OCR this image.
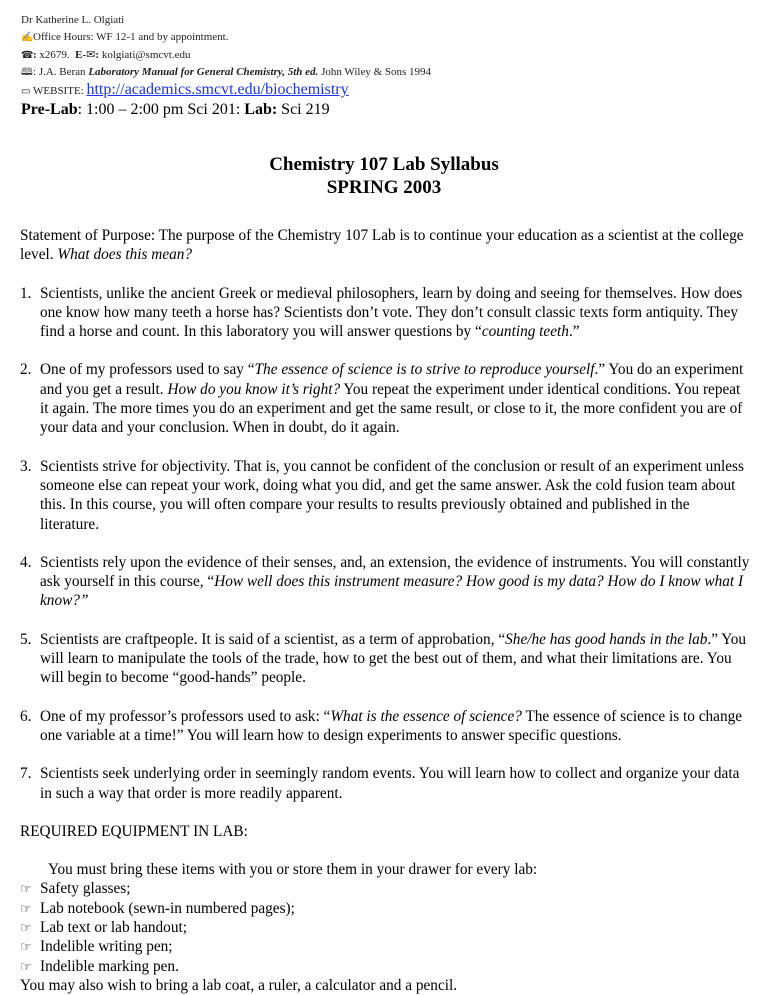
Dr Katherine L. Olgiati
✍Office Hours: WF 12-1 and by appointment.
☎: x2679. E-✉: kolgiati@smcvt.edu
🕮: J.A. Beran Laboratory Manual for General Chemistry, 5th ed. John Wiley & Sons 1994
▭ WEBSITE: http://academics.smcvt.edu/biochemistry
Pre-Lab: 1:00 – 2:00 pm Sci 201: Lab: Sci 219
Chemistry 107 Lab Syllabus
SPRING 2003

Statement of Purpose: The purpose of the Chemistry 107 Lab is to continue your education as a scientist at the college level. What does this mean?

1. Scientists, unlike the ancient Greek or medieval philosophers, learn by doing and seeing for themselves. How does one know how many teeth a horse has? Scientists don’t vote. They don’t consult classic texts form antiquity. They find a horse and count. In this laboratory you will answer questions by “counting teeth.”
2. One of my professors used to say “The essence of science is to strive to reproduce yourself.” You do an experiment and you get a result. How do you know it’s right? You repeat the experiment under identical conditions. You repeat it again. The more times you do an experiment and get the same result, or close to it, the more confident you are of your data and your conclusion. When in doubt, do it again.
3. Scientists strive for objectivity. That is, you cannot be confident of the conclusion or result of an experiment unless someone else can repeat your work, doing what you did, and get the same answer. Ask the cold fusion team about this. In this course, you will often compare your results to results previously obtained and published in the literature.
4. Scientists rely upon the evidence of their senses, and, an extension, the evidence of instruments. You will constantly ask yourself in this course, “How well does this instrument measure? How good is my data? How do I know what I know?”
5. Scientists are craftpeople. It is said of a scientist, as a term of approbation, “She/he has good hands in the lab.” You will learn to manipulate the tools of the trade, how to get the best out of them, and what their limitations are. You will begin to become “good-hands” people.
6. One of my professor’s professors used to ask: “What is the essence of science? The essence of science is to change one variable at a time!” You will learn how to design experiments to answer specific questions.
7. Scientists seek underlying order in seemingly random events. You will learn how to collect and organize your data in such a way that order is more readily apparent.

REQUIRED EQUIPMENT IN LAB:

You must bring these items with you or store them in your drawer for every lab:
☞ Safety glasses;
☞ Lab notebook (sewn-in numbered pages);
☞ Lab text or lab handout;
☞ Indelible writing pen;
☞ Indelible marking pen.
You may also wish to bring a lab coat, a ruler, a calculator and a pencil.
